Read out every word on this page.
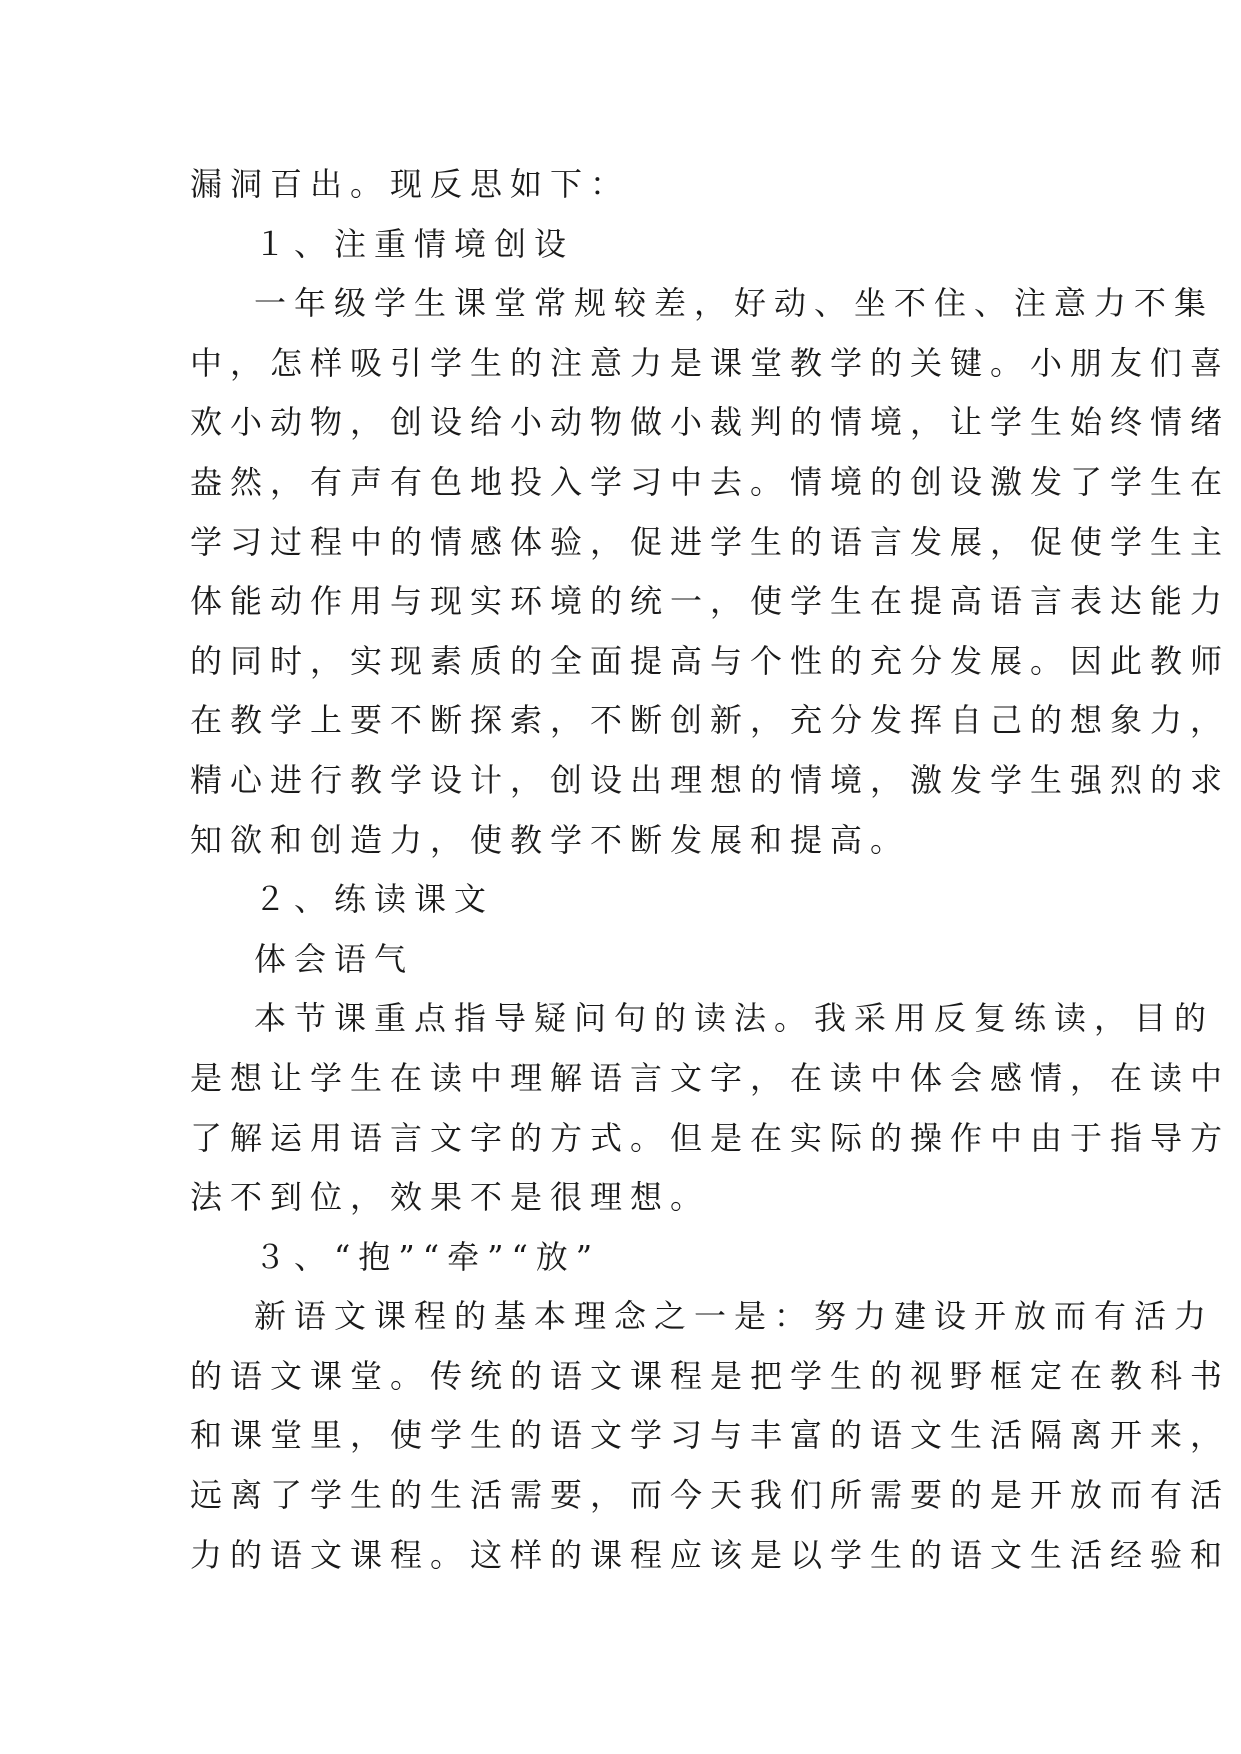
漏洞百出。现反思如下：
１、注重情境创设
一年级学生课堂常规较差，好动、坐不住、注意力不集
中，怎样吸引学生的注意力是课堂教学的关键。小朋友们喜
欢小动物，创设给小动物做小裁判的情境，让学生始终情绪
盎然，有声有色地投入学习中去。情境的创设激发了学生在
学习过程中的情感体验，促进学生的语言发展，促使学生主
体能动作用与现实环境的统一，使学生在提高语言表达能力
的同时，实现素质的全面提高与个性的充分发展。因此教师
在教学上要不断探索，不断创新，充分发挥自己的想象力，
精心进行教学设计，创设出理想的情境，激发学生强烈的求
知欲和创造力，使教学不断发展和提高。
２、练读课文
体会语气
本节课重点指导疑问句的读法。我采用反复练读，目的
是想让学生在读中理解语言文字，在读中体会感情，在读中
了解运用语言文字的方式。但是在实际的操作中由于指导方
法不到位，效果不是很理想。
３、“抱”“牵”“放”
新语文课程的基本理念之一是：努力建设开放而有活力
的语文课堂。传统的语文课程是把学生的视野框定在教科书
和课堂里，使学生的语文学习与丰富的语文生活隔离开来，
远离了学生的生活需要，而今天我们所需要的是开放而有活
力的语文课程。这样的课程应该是以学生的语文生活经验和
